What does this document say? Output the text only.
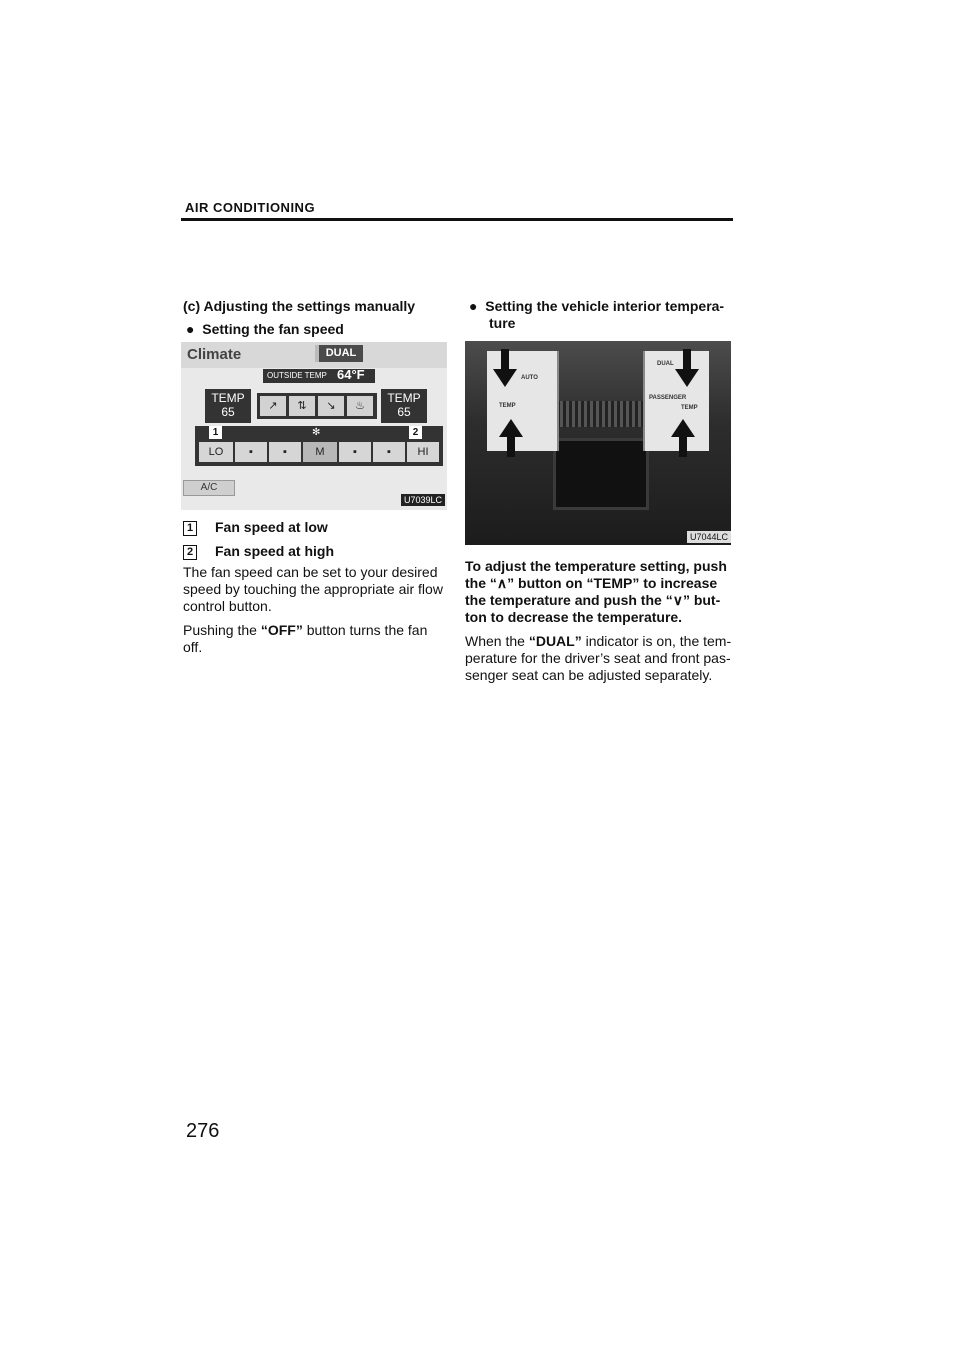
AIR CONDITIONING
(c) Adjusting the settings manually
●  Setting the fan speed
Climate	DUAL
OUTSIDE TEMP 64°F
TEMP
65
TEMP
65
↗	⇅	↘	♨
1	✻	2
LO	▪	▪	M	▪	▪	HI
A/C
U7039LC
1 Fan speed at low
2 Fan speed at high

The fan speed can be set to your desired speed by touching the appropriate air flow control button.

Pushing the “OFF” button turns the fan off.

●  Setting the vehicle interior tempera-
ture
AUTO
TEMP
DUAL
PASSENGER
TEMP
U7044LC

To adjust the temperature setting, push the “∧” button on “TEMP” to increase the temperature and push the “∨” but-ton to decrease the temperature.

When the “DUAL” indicator is on, the tem-perature for the driver’s seat and front pas-senger seat can be adjusted separately.

276
